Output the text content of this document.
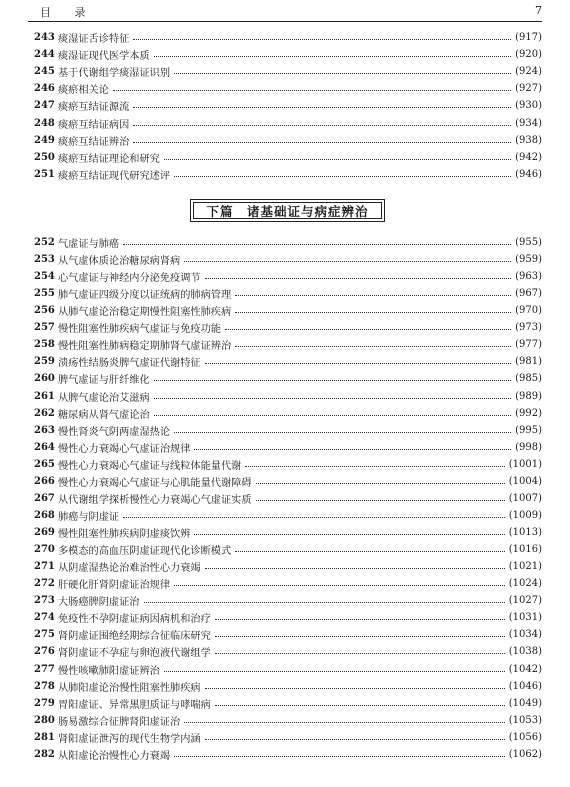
目 录	7
243 痰湿证舌诊特征	(917)
244 痰湿证现代医学本质	(920)
245 基于代谢组学痰湿证识别	(924)
246 痰瘀相关论	(927)
247 痰瘀互结证源流	(930)
248 痰瘀互结证病因	(934)
249 痰瘀互结证辨治	(938)
250 痰瘀互结证理论和研究	(942)
251 痰瘀互结证现代研究述评	(946)
下篇　诸基础证与病症辨治
252 气虚证与肺癌	(955)
253 从气虚体质论治糖尿病肾病	(959)
254 心气虚证与神经内分泌免疫调节	(963)
255 肺气虚证四级分度以证统病的肺病管理	(967)
256 从肺气虚论治稳定期慢性阻塞性肺疾病	(970)
257 慢性阻塞性肺疾病气虚证与免疫功能	(973)
258 慢性阻塞性肺病稳定期肺肾气虚证辨治	(977)
259 溃疡性结肠炎脾气虚证代谢特征	(981)
260 脾气虚证与肝纤维化	(985)
261 从脾气虚论治艾滋病	(989)
262 糖尿病从肾气虚论治	(992)
263 慢性肾炎气阴两虚湿热论	(995)
264 慢性心力衰竭心气虚证治规律	(998)
265 慢性心力衰竭心气虚证与线粒体能量代谢	(1001)
266 慢性心力衰竭心气虚证与心肌能量代谢障碍	(1004)
267 从代谢组学探析慢性心力衰竭心气虚证实质	(1007)
268 肺癌与阴虚证	(1009)
269 慢性阻塞性肺疾病阴虚痰饮辨	(1013)
270 多模态的高血压阴虚证现代化诊断模式	(1016)
271 从阴虚湿热论治难治性心力衰竭	(1021)
272 肝硬化肝肾阴虚证治规律	(1024)
273 大肠癌脾阴虚证治	(1027)
274 免疫性不孕阴虚证病因病机和治疗	(1031)
275 肾阴虚证围绝经期综合征临床研究	(1034)
276 肾阴虚证不孕症与卵泡液代谢组学	(1038)
277 慢性咳嗽肺阳虚证辨治	(1042)
278 从肺阳虚论治慢性阻塞性肺疾病	(1046)
279 胃阳虚证、异常黑胆质证与哮喘病	(1049)
280 肠易激综合征脾肾阳虚证治	(1053)
281 肾阳虚证泄泻的现代生物学内涵	(1056)
282 从阳虚论治慢性心力衰竭	(1062)
